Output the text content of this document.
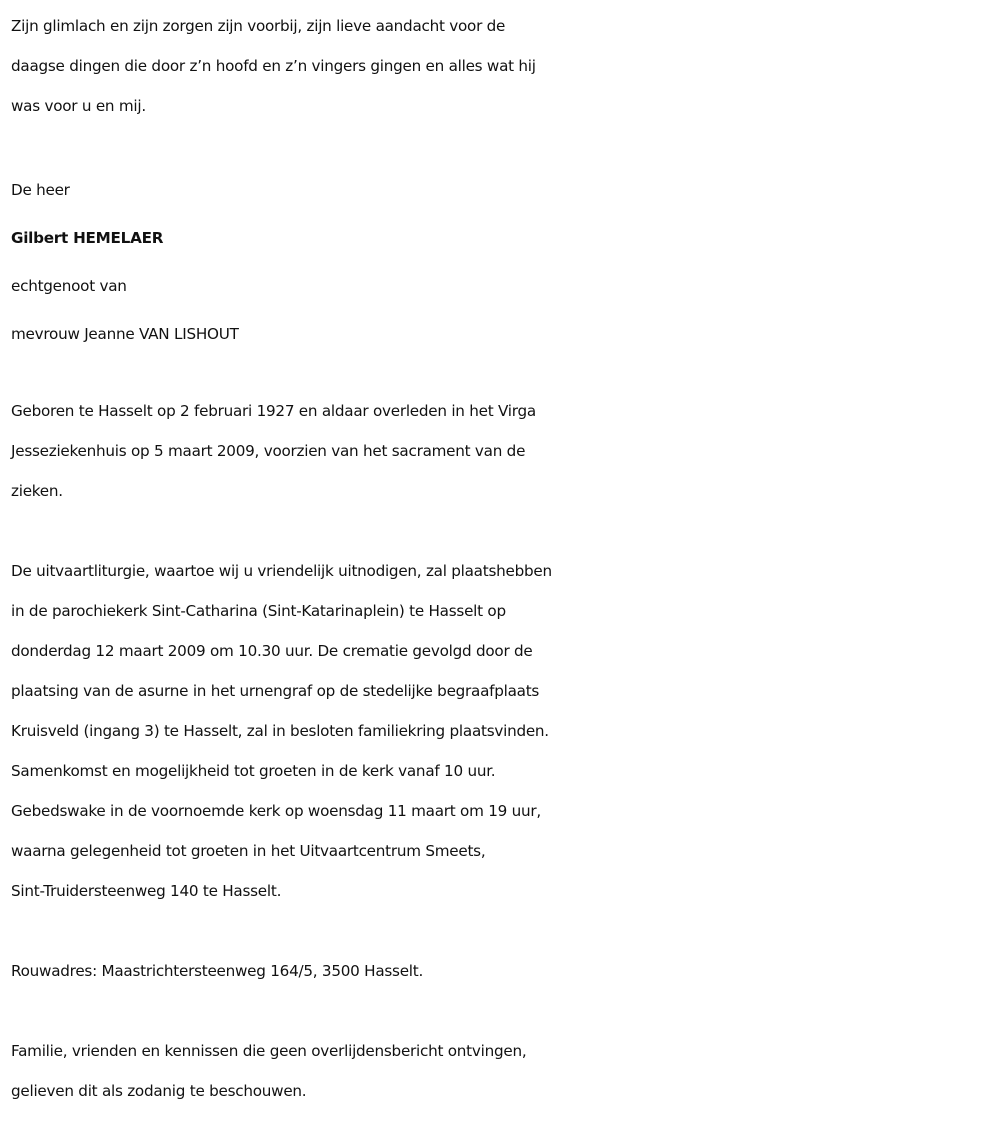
Zijn glimlach en zijn zorgen zijn voorbij, zijn lieve aandacht voor de
daagse dingen die door z’n hoofd en z’n vingers gingen en alles wat hij
was voor u en mij.

De heer
Gilbert HEMELAER
echtgenoot van
mevrouw Jeanne VAN LISHOUT

Geboren te Hasselt op 2 februari 1927 en aldaar overleden in het Virga
Jesseziekenhuis op 5 maart 2009, voorzien van het sacrament van de
zieken.

De uitvaartliturgie, waartoe wij u vriendelijk uitnodigen, zal plaatshebben
in de parochiekerk Sint-Catharina (Sint-Katarinaplein) te Hasselt op
donderdag 12 maart 2009 om 10.30 uur. De crematie gevolgd door de
plaatsing van de asurne in het urnengraf op de stedelijke begraafplaats
Kruisveld (ingang 3) te Hasselt, zal in besloten familiekring plaatsvinden.
Samenkomst en mogelijkheid tot groeten in de kerk vanaf 10 uur.
Gebedswake in de voornoemde kerk op woensdag 11 maart om 19 uur,
waarna gelegenheid tot groeten in het Uitvaartcentrum Smeets,
Sint-Truidersteenweg 140 te Hasselt.

Rouwadres: Maastrichtersteenweg 164/5, 3500 Hasselt.

Familie, vrienden en kennissen die geen overlijdensbericht ontvingen,
gelieven dit als zodanig te beschouwen.
